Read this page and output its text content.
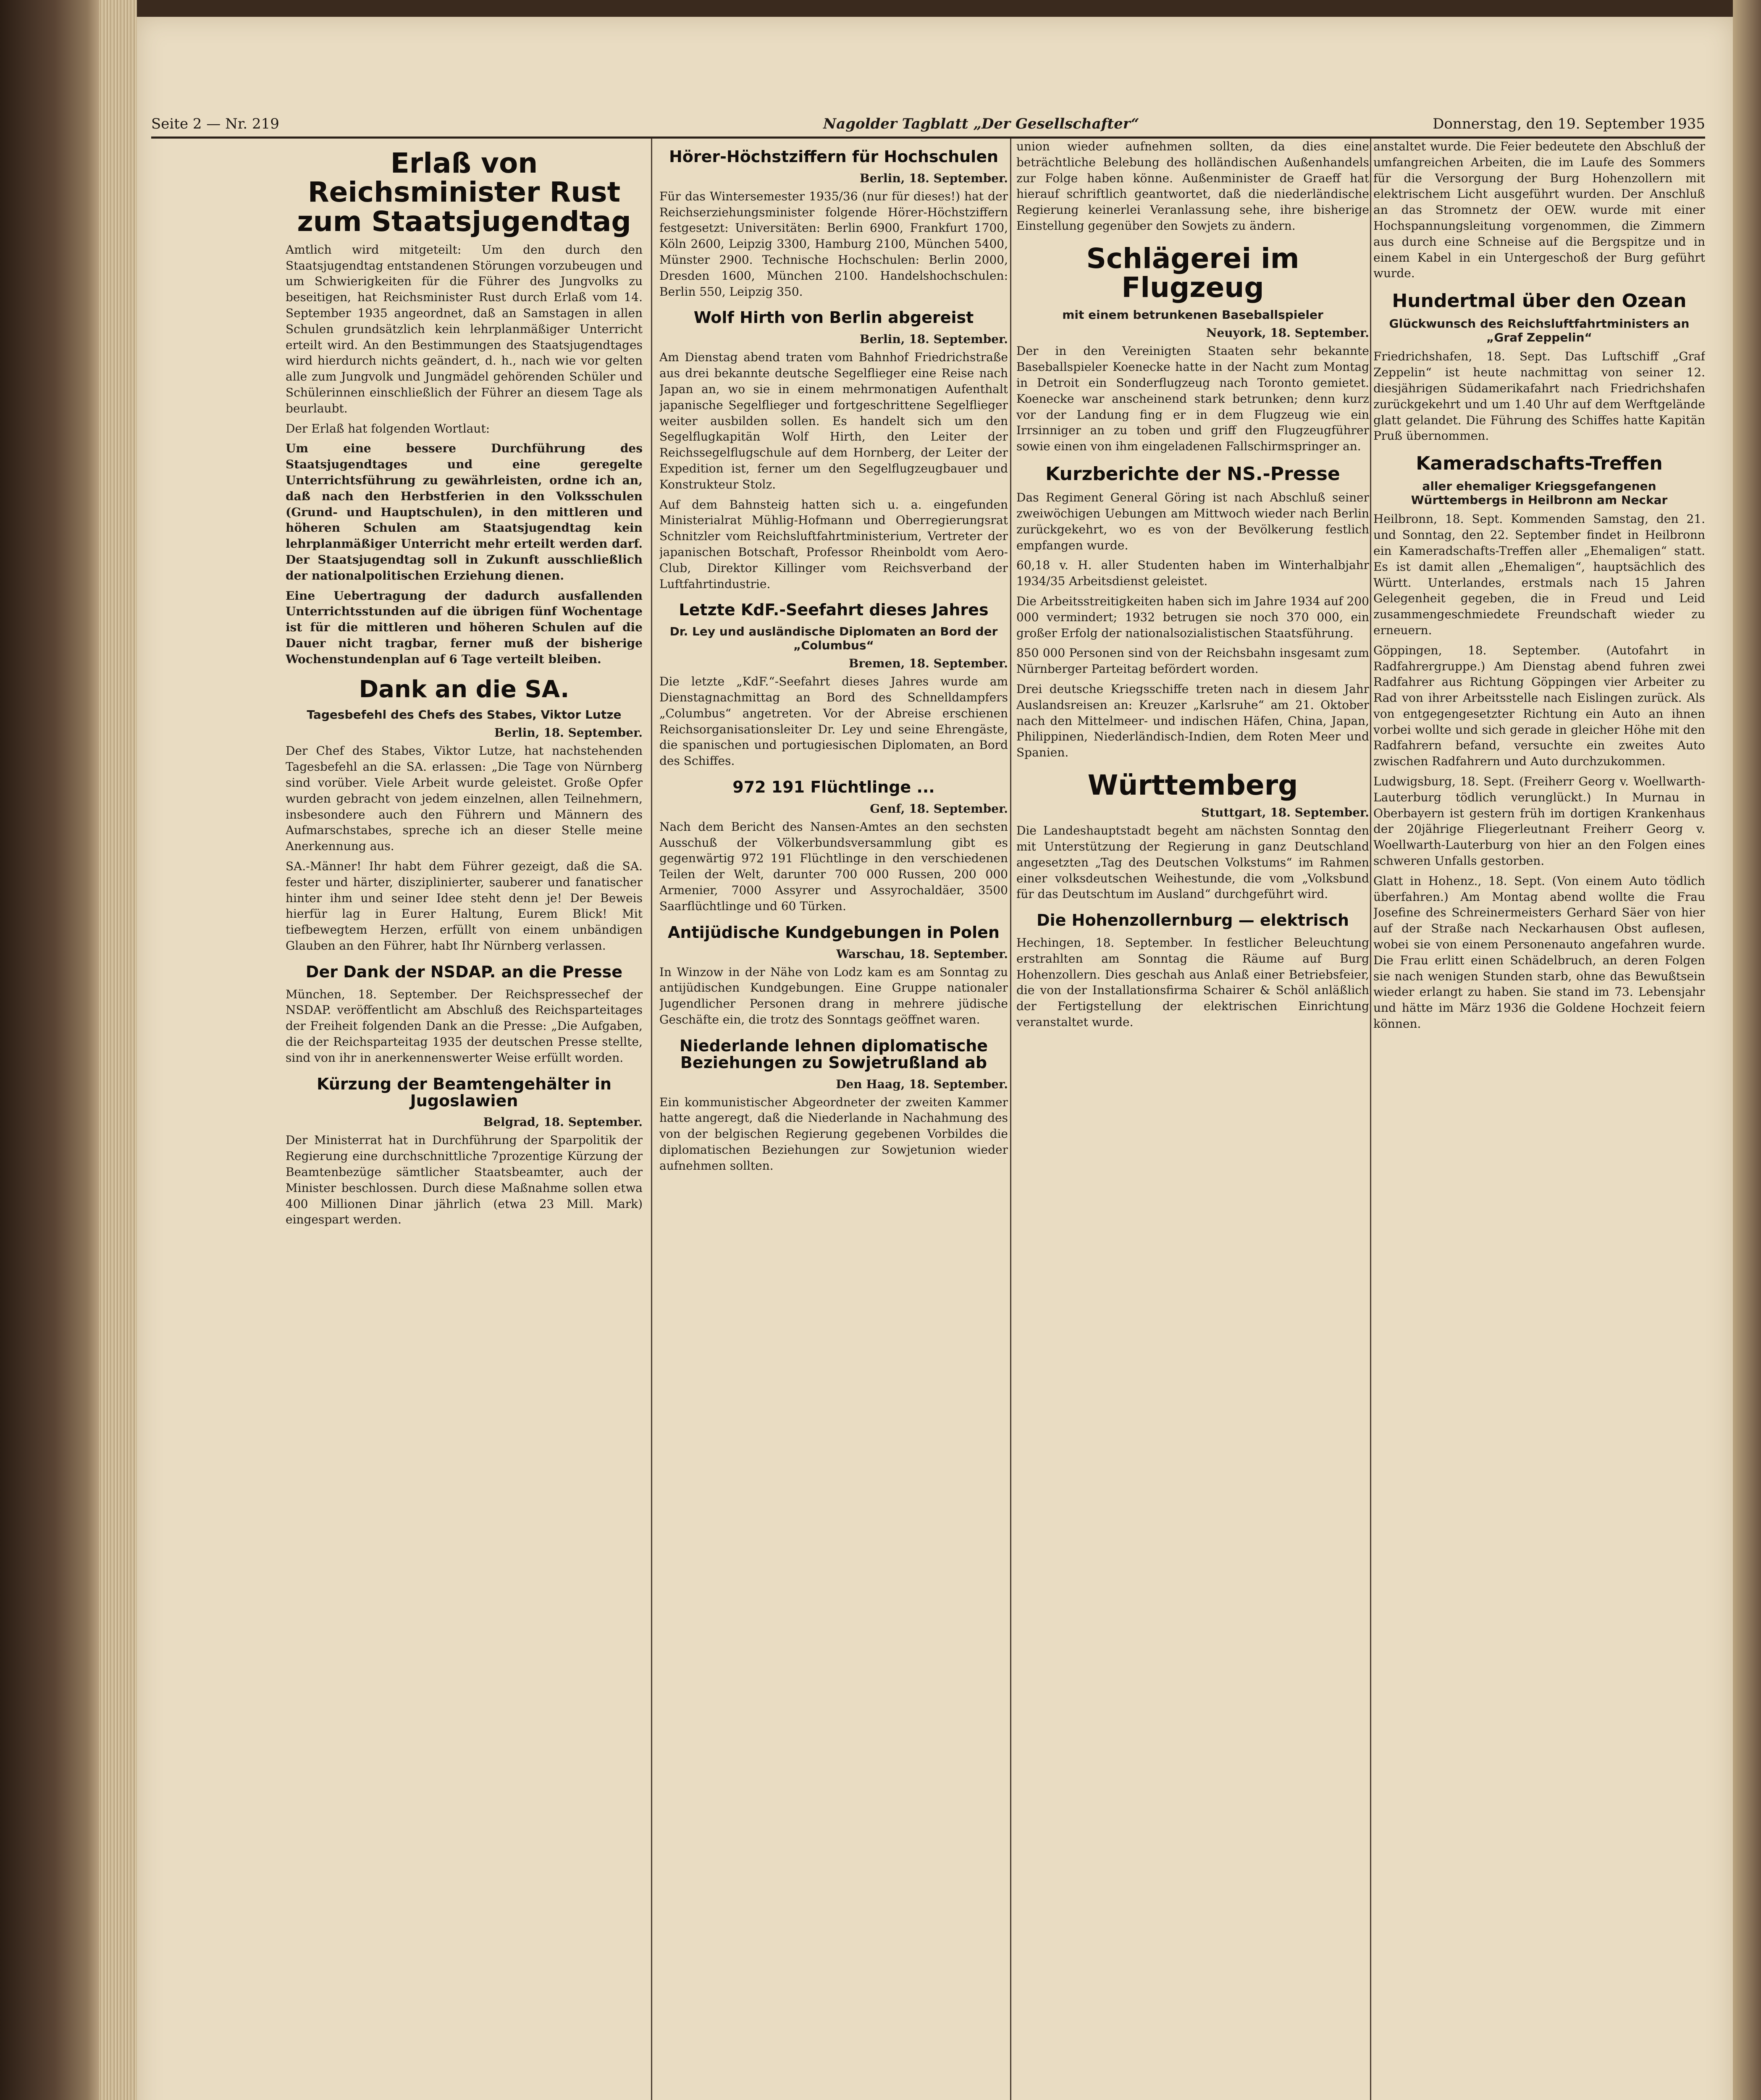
Seite 2 — Nr. 219	Nagolder Tagblatt „Der Gesellschafter“	Donnerstag, den 19. September 1935
Erlaß von Reichsminister Rust zum Staatsjugendtag

Amtlich wird mitgeteilt: Um den durch den Staatsjugendtag entstandenen Störungen vorzubeugen und um Schwierigkeiten für die Führer des Jungvolks zu beseitigen, hat Reichsminister Rust durch Erlaß vom 14. September 1935 angeordnet, daß an Samstagen in allen Schulen grundsätzlich kein lehrplanmäßiger Unterricht erteilt wird. An den Bestimmungen des Staatsjugendtages wird hierdurch nichts geändert, d. h., nach wie vor gelten alle zum Jungvolk und Jungmädel gehörenden Schüler und Schülerinnen einschließlich der Führer an diesem Tage als beurlaubt.

Der Erlaß hat folgenden Wortlaut:

Um eine bessere Durchführung des Staatsjugendtages und eine geregelte Unterrichtsführung zu gewährleisten, ordne ich an, daß nach den Herbstferien in den Volksschulen (Grund- und Hauptschulen), in den mittleren und höheren Schulen am Staatsjugendtag kein lehrplanmäßiger Unterricht mehr erteilt werden darf. Der Staatsjugendtag soll in Zukunft ausschließlich der nationalpolitischen Erziehung dienen.

Eine Uebertragung der dadurch ausfallenden Unterrichtsstunden auf die übrigen fünf Wochentage ist für die mittleren und höheren Schulen auf die Dauer nicht tragbar, ferner muß der bisherige Wochenstundenplan auf 6 Tage verteilt bleiben.

Dank an die SA.
Tagesbefehl des Chefs des Stabes, Viktor Lutze
Berlin, 18. September.

Der Chef des Stabes, Viktor Lutze, hat nachstehenden Tagesbefehl an die SA. erlassen: „Die Tage von Nürnberg sind vorüber. Viele Arbeit wurde geleistet. Große Opfer wurden gebracht von jedem einzelnen, allen Teilnehmern, insbesondere auch den Führern und Männern des Aufmarschstabes, spreche ich an dieser Stelle meine Anerkennung aus.

SA.-Männer! Ihr habt dem Führer gezeigt, daß die SA. fester und härter, disziplinierter, sauberer und fanatischer hinter ihm und seiner Idee steht denn je! Der Beweis hierfür lag in Eurer Haltung, Eurem Blick! Mit tiefbewegtem Herzen, erfüllt von einem unbändigen Glauben an den Führer, habt Ihr Nürnberg verlassen.

Der Dank der NSDAP. an die Presse

München, 18. September. Der Reichspressechef der NSDAP. veröffentlicht am Abschluß des Reichsparteitages der Freiheit folgenden Dank an die Presse: „Die Aufgaben, die der Reichsparteitag 1935 der deutschen Presse stellte, sind von ihr in anerkennenswerter Weise erfüllt worden.

Kürzung der Beamtengehälter in Jugoslawien
Belgrad, 18. September.

Der Ministerrat hat in Durchführung der Sparpolitik der Regierung eine durchschnittliche 7prozentige Kürzung der Beamtenbezüge sämtlicher Staatsbeamter, auch der Minister beschlossen. Durch diese Maßnahme sollen etwa 400 Millionen Dinar jährlich (etwa 23 Mill. Mark) eingespart werden.

Hörer-Höchstziffern für Hochschulen
Berlin, 18. September.

Für das Wintersemester 1935/36 (nur für dieses!) hat der Reichserziehungsminister folgende Hörer-Höchstziffern festgesetzt: Universitäten: Berlin 6900, Frankfurt 1700, Köln 2600, Leipzig 3300, Hamburg 2100, München 5400, Münster 2900. Technische Hochschulen: Berlin 2000, Dresden 1600, München 2100. Handelshochschulen: Berlin 550, Leipzig 350.

Wolf Hirth von Berlin abgereist
Berlin, 18. September.

Am Dienstag abend traten vom Bahnhof Friedrichstraße aus drei bekannte deutsche Segelflieger eine Reise nach Japan an, wo sie in einem mehrmonatigen Aufenthalt japanische Segelflieger und fortgeschrittene Segelflieger weiter ausbilden sollen. Es handelt sich um den Segelflugkapitän Wolf Hirth, den Leiter der Reichssegelflugschule auf dem Hornberg, der Leiter der Expedition ist, ferner um den Segelflugzeugbauer und Konstrukteur Stolz.

Auf dem Bahnsteig hatten sich u. a. eingefunden Ministerialrat Mühlig-Hofmann und Oberregierungsrat Schnitzler vom Reichsluftfahrtministerium, Vertreter der japanischen Botschaft, Professor Rheinboldt vom Aero-Club, Direktor Killinger vom Reichsverband der Luftfahrtindustrie.

Letzte KdF.-Seefahrt dieses Jahres
Dr. Ley und ausländische Diplomaten an Bord der „Columbus“
Bremen, 18. September.

Die letzte „KdF.“-Seefahrt dieses Jahres wurde am Dienstagnachmittag an Bord des Schnelldampfers „Columbus“ angetreten. Vor der Abreise erschienen Reichsorganisationsleiter Dr. Ley und seine Ehrengäste, die spanischen und portugiesischen Diplomaten, an Bord des Schiffes.

972 191 Flüchtlinge ...
Genf, 18. September.

Nach dem Bericht des Nansen-Amtes an den sechsten Ausschuß der Völkerbundsversammlung gibt es gegenwärtig 972 191 Flüchtlinge in den verschiedenen Teilen der Welt, darunter 700 000 Russen, 200 000 Armenier, 7000 Assyrer und Assyrochaldäer, 3500 Saarflüchtlinge und 60 Türken.

Antijüdische Kundgebungen in Polen
Warschau, 18. September.

In Winzow in der Nähe von Lodz kam es am Sonntag zu antijüdischen Kundgebungen. Eine Gruppe nationaler Jugendlicher Personen drang in mehrere jüdische Geschäfte ein, die trotz des Sonntags geöffnet waren.

Niederlande lehnen diplomatische Beziehungen zu Sowjetrußland ab
Den Haag, 18. September.

Ein kommunistischer Abgeordneter der zweiten Kammer hatte angeregt, daß die Niederlande in Nachahmung des von der belgischen Regierung gegebenen Vorbildes die diplomatischen Beziehungen zur Sowjetunion wieder aufnehmen sollten.

union wieder aufnehmen sollten, da dies eine beträchtliche Belebung des holländischen Außenhandels zur Folge haben könne. Außenminister de Graeff hat hierauf schriftlich geantwortet, daß die niederländische Regierung keinerlei Veranlassung sehe, ihre bisherige Einstellung gegenüber den Sowjets zu ändern.

Schlägerei im Flugzeug
mit einem betrunkenen Baseballspieler
Neuyork, 18. September.

Der in den Vereinigten Staaten sehr bekannte Baseballspieler Koenecke hatte in der Nacht zum Montag in Detroit ein Sonderflugzeug nach Toronto gemietet. Koenecke war anscheinend stark betrunken; denn kurz vor der Landung fing er in dem Flugzeug wie ein Irrsinniger an zu toben und griff den Flugzeugführer sowie einen von ihm eingeladenen Fallschirmspringer an.

Kurzberichte der NS.-Presse

Das Regiment General Göring ist nach Abschluß seiner zweiwöchigen Uebungen am Mittwoch wieder nach Berlin zurückgekehrt, wo es von der Bevölkerung festlich empfangen wurde.

60,18 v. H. aller Studenten haben im Winterhalbjahr 1934/35 Arbeitsdienst geleistet.

Die Arbeitsstreitigkeiten haben sich im Jahre 1934 auf 200 000 vermindert; 1932 betrugen sie noch 370 000, ein großer Erfolg der nationalsozialistischen Staatsführung.

850 000 Personen sind von der Reichsbahn insgesamt zum Nürnberger Parteitag befördert worden.

Drei deutsche Kriegsschiffe treten nach in diesem Jahr Auslandsreisen an: Kreuzer „Karlsruhe“ am 21. Oktober nach den Mittelmeer- und indischen Häfen, China, Japan, Philippinen, Niederländisch-Indien, dem Roten Meer und Spanien.

Württemberg
Stuttgart, 18. September.

Die Landeshauptstadt begeht am nächsten Sonntag den mit Unterstützung der Regierung in ganz Deutschland angesetzten „Tag des Deutschen Volkstums“ im Rahmen einer volksdeutschen Weihestunde, die vom „Volksbund für das Deutschtum im Ausland“ durchgeführt wird.

Die Hohenzollernburg — elektrisch

Hechingen, 18. September. In festlicher Beleuchtung erstrahlten am Sonntag die Räume auf Burg Hohenzollern. Dies geschah aus Anlaß einer Betriebsfeier, die von der Installationsfirma Schairer & Schöl anläßlich der Fertigstellung der elektrischen Einrichtung veranstaltet wurde.

anstaltet wurde. Die Feier bedeutete den Abschluß der umfangreichen Arbeiten, die im Laufe des Sommers für die Versorgung der Burg Hohenzollern mit elektrischem Licht ausgeführt wurden. Der Anschluß an das Stromnetz der OEW. wurde mit einer Hochspannungsleitung vorgenommen, die Zimmern aus durch eine Schneise auf die Bergspitze und in einem Kabel in ein Untergeschoß der Burg geführt wurde.

Hundertmal über den Ozean
Glückwunsch des Reichsluftfahrtministers an „Graf Zeppelin“

Friedrichshafen, 18. Sept. Das Luftschiff „Graf Zeppelin“ ist heute nachmittag von seiner 12. diesjährigen Südamerikafahrt nach Friedrichshafen zurückgekehrt und um 1.40 Uhr auf dem Werftgelände glatt gelandet. Die Führung des Schiffes hatte Kapitän Pruß übernommen.

Kameradschafts-Treffen
aller ehemaliger Kriegsgefangenen Württembergs in Heilbronn am Neckar

Heilbronn, 18. Sept. Kommenden Samstag, den 21. und Sonntag, den 22. September findet in Heilbronn ein Kameradschafts-Treffen aller „Ehemaligen“ statt. Es ist damit allen „Ehemaligen“, hauptsächlich des Württ. Unterlandes, erstmals nach 15 Jahren Gelegenheit gegeben, die in Freud und Leid zusammengeschmiedete Freundschaft wieder zu erneuern.

Göppingen, 18. September. (Autofahrt in Radfahrergruppe.) Am Dienstag abend fuhren zwei Radfahrer aus Richtung Göppingen vier Arbeiter zu Rad von ihrer Arbeitsstelle nach Eislingen zurück. Als von entgegengesetzter Richtung ein Auto an ihnen vorbei wollte und sich gerade in gleicher Höhe mit den Radfahrern befand, versuchte ein zweites Auto zwischen Radfahrern und Auto durchzukommen.

Ludwigsburg, 18. Sept. (Freiherr Georg v. Woellwarth-Lauterburg tödlich verunglückt.) In Murnau in Oberbayern ist gestern früh im dortigen Krankenhaus der 20jährige Fliegerleutnant Freiherr Georg v. Woellwarth-Lauterburg von hier an den Folgen eines schweren Unfalls gestorben.

Glatt in Hohenz., 18. Sept. (Von einem Auto tödlich überfahren.) Am Montag abend wollte die Frau Josefine des Schreinermeisters Gerhard Säer von hier auf der Straße nach Neckarhausen Obst auflesen, wobei sie von einem Personenauto angefahren wurde. Die Frau erlitt einen Schädelbruch, an deren Folgen sie nach wenigen Stunden starb, ohne das Bewußtsein wieder erlangt zu haben. Sie stand im 73. Lebensjahr und hätte im März 1936 die Goldene Hochzeit feiern können.
